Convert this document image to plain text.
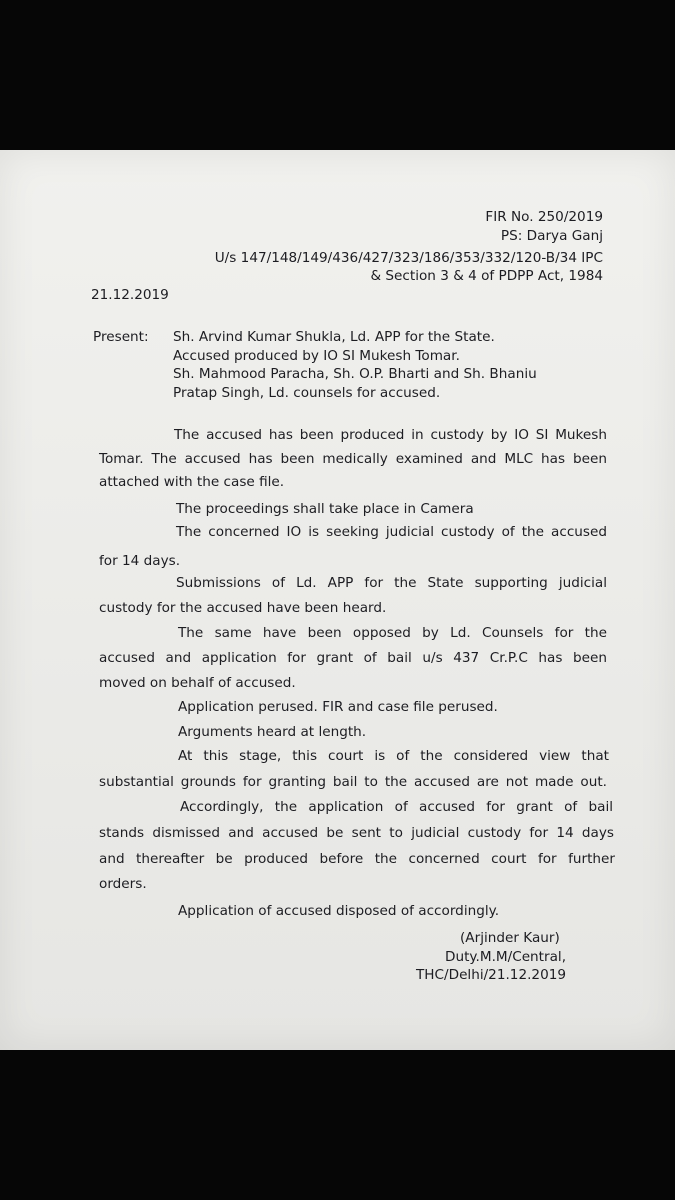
FIR No. 250/2019

PS: Darya Ganj

U/s 147/148/149/436/427/323/186/353/332/120-B/34 IPC

& Section 3 & 4 of PDPP Act, 1984

21.12.2019

Present: Sh. Arvind Kumar Shukla, Ld. APP for the State.

Accused produced by IO SI Mukesh Tomar.

Sh. Mahmood Paracha, Sh. O.P. Bharti and Sh. Bhaniu

Pratap Singh, Ld. counsels for accused.

The accused has been produced in custody by IO SI Mukesh

Tomar. The accused has been medically examined and MLC has been

attached with the case file.

The proceedings shall take place in Camera

The concerned IO is seeking judicial custody of the accused

for 14 days.

Submissions of Ld. APP for the State supporting judicial

custody for the accused have been heard.

The same have been opposed by Ld. Counsels for the

accused and application for grant of bail u/s 437 Cr.P.C has been

moved on behalf of accused.

Application perused. FIR and case file perused.

Arguments heard at length.

At this stage, this court is of the considered view that

substantial grounds for granting bail to the accused are not made out.

Accordingly, the application of accused for grant of bail

stands dismissed and accused be sent to judicial custody for 14 days

and thereafter be produced before the concerned court for further

orders.

Application of accused disposed of accordingly.

(Arjinder Kaur)

Duty.M.M/Central,

THC/Delhi/21.12.2019
